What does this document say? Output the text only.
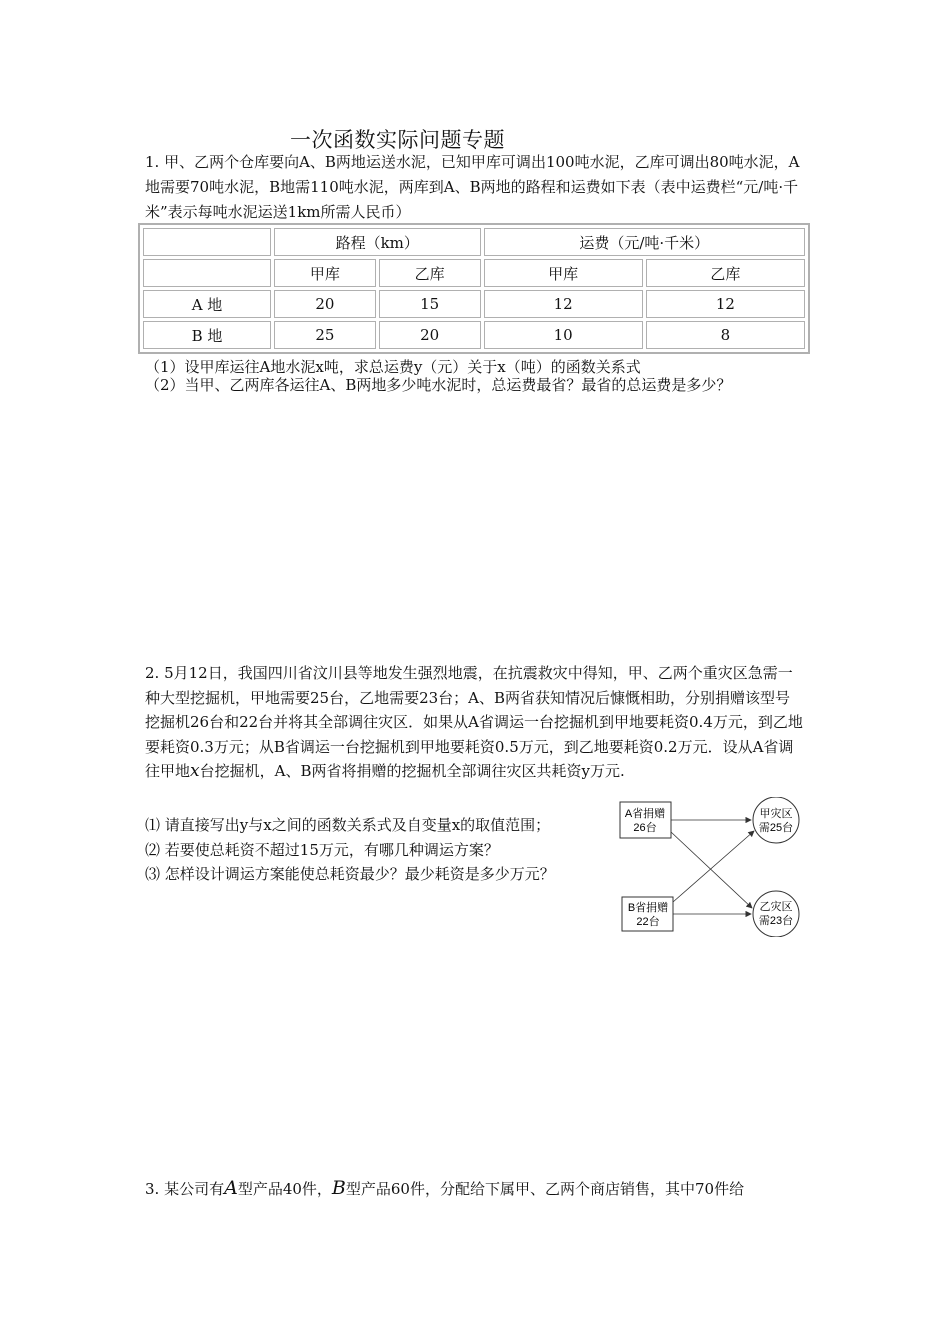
一次函数实际问题专题
1. 甲、乙两个仓库要向A、B两地运送水泥，已知甲库可调出100吨水泥，乙库可调出80吨水泥，A地需要70吨水泥，B地需110吨水泥，两库到A、B两地的路程和运费如下表（表中运费栏“元/吨·千米”表示每吨水泥运送1km所需人民币）
	路程（km）		运费（元/吨·千米）	
	甲库	乙库	甲库	乙库
A 地	20	15	12	12
B 地	25	20	10	8
（1）设甲库运往A地水泥x吨，求总运费y（元）关于x（吨）的函数关系式
（2）当甲、乙两库各运往A、B两地多少吨水泥时，总运费最省？最省的总运费是多少？
2. 5月12日，我国四川省汶川县等地发生强烈地震，在抗震救灾中得知，甲、乙两个重灾区急需一种大型挖掘机，甲地需要25台，乙地需要23台；A、B两省获知情况后慷慨相助，分别捐赠该型号挖掘机26台和22台并将其全部调往灾区．如果从A省调运一台挖掘机到甲地要耗资0.4万元，到乙地要耗资0.3万元；从B省调运一台挖掘机到甲地要耗资0.5万元，到乙地要耗资0.2万元．设从A省调往甲地x台挖掘机，A、B两省将捐赠的挖掘机全部调往灾区共耗资y万元.
⑴ 请直接写出y与x之间的函数关系式及自变量x的取值范围；
⑵ 若要使总耗资不超过15万元，有哪几种调运方案？
⑶ 怎样设计调运方案能使总耗资最少？最少耗资是多少万元？
A省捐赠
26台
B省捐赠
22台
甲灾区
需25台
乙灾区
需23台
3. 某公司有A型产品40件，B型产品60件，分配给下属甲、乙两个商店销售，其中70件给
